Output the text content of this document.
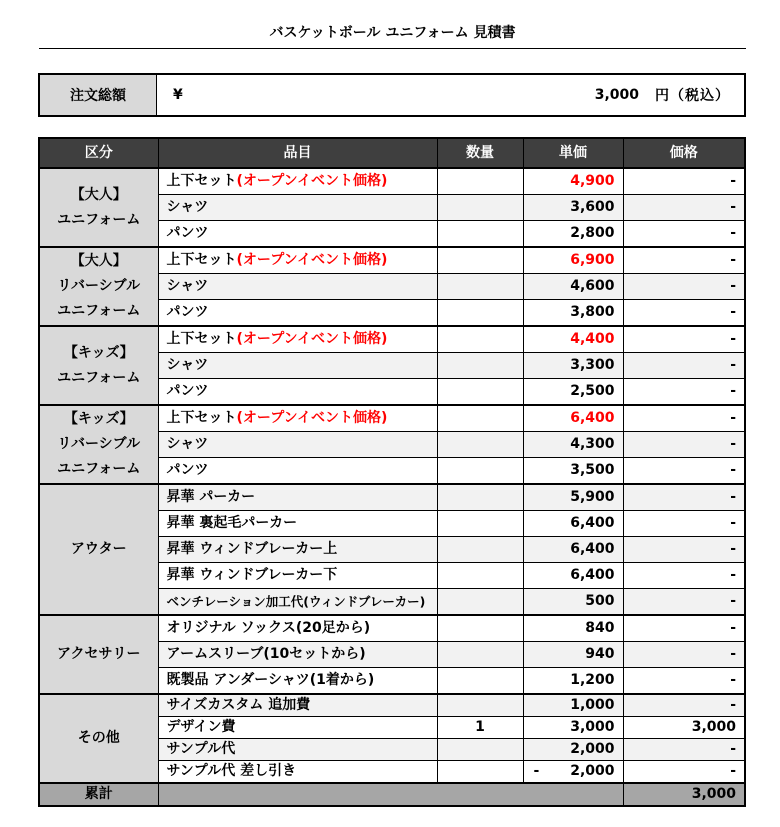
バスケットボール ユニフォーム 見積書
注文総額	¥	3,000 円（税込）
区分	品目	数量	単価	価格

【大人】
ユニフォーム	上下セット(オープンイベント価格)		4,900	-
	シャツ		3,600	-
	パンツ		2,800	-

【大人】
リバーシブル
ユニフォーム	上下セット(オープンイベント価格)		6,900	-
	シャツ		4,600	-
	パンツ		3,800	-

【キッズ】
ユニフォーム	上下セット(オープンイベント価格)		4,400	-
	シャツ		3,300	-
	パンツ		2,500	-

【キッズ】
リバーシブル
ユニフォーム	上下セット(オープンイベント価格)		6,400	-
	シャツ		4,300	-
	パンツ		3,500	-

アウター	昇華 パーカー		5,900	-
	昇華 裏起毛パーカー		6,400	-
	昇華 ウィンドブレーカー上		6,400	-
	昇華 ウィンドブレーカー下		6,400	-
	ベンチレーション加工代(ウィンドブレーカー)		500	-

アクセサリー	オリジナル ソックス(20足から)		840	-
	アームスリーブ(10セットから)		940	-
	既製品 アンダーシャツ(1着から)		1,200	-

その他	サイズカスタム 追加費		1,000	-
	デザイン費	1	3,000	3,000
	サンプル代		2,000	-
	サンプル代 差し引き		- 2,000	-
累計				3,000
